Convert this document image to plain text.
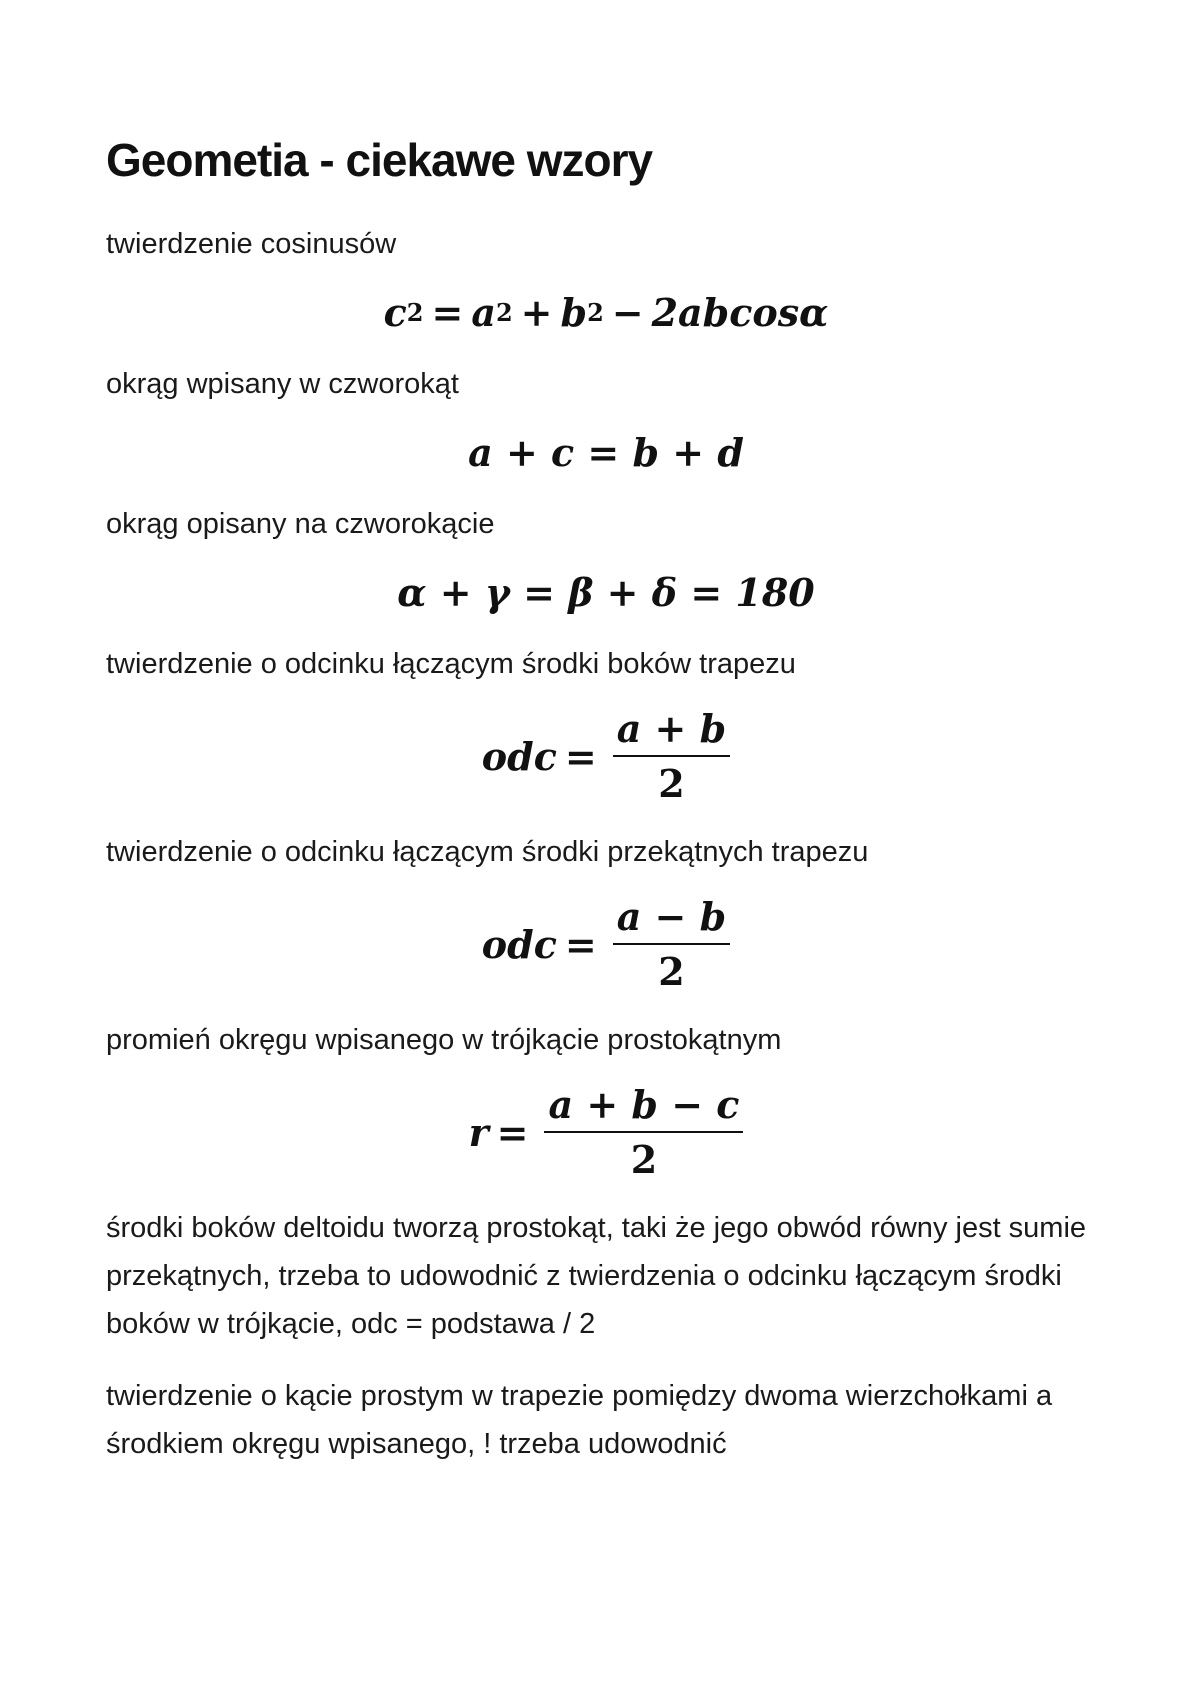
Geometia - ciekawe wzory

twierdzenie cosinusów

c 2 = a 2 + b 2 − 2abcosα

okrąg wpisany w czworokąt

a + c = b + d

okrąg opisany na czworokącie

α + γ = β + δ = 180

twierdzenie o odcinku łączącym środki boków trapezu

odc = $\frac{a + b}{2}$

twierdzenie o odcinku łączącym środki przekątnych trapezu

odc = $\frac{a - b}{2}$

promień okręgu wpisanego w trójkącie prostokątnym

$r = \frac{a + b - c}{2}$

środki boków deltoidu tworzą prostokąt, taki że jego obwód równy jest sumie przekątnych, trzeba to udowodnić z twierdzenia o odcinku łączącym środki boków w trójkącie, odc = podstawa / 2

twierdzenie o kącie prostym w trapezie pomiędzy dwoma wierzchołkami a środkiem okręgu wpisanego, ! trzeba udowodnić
